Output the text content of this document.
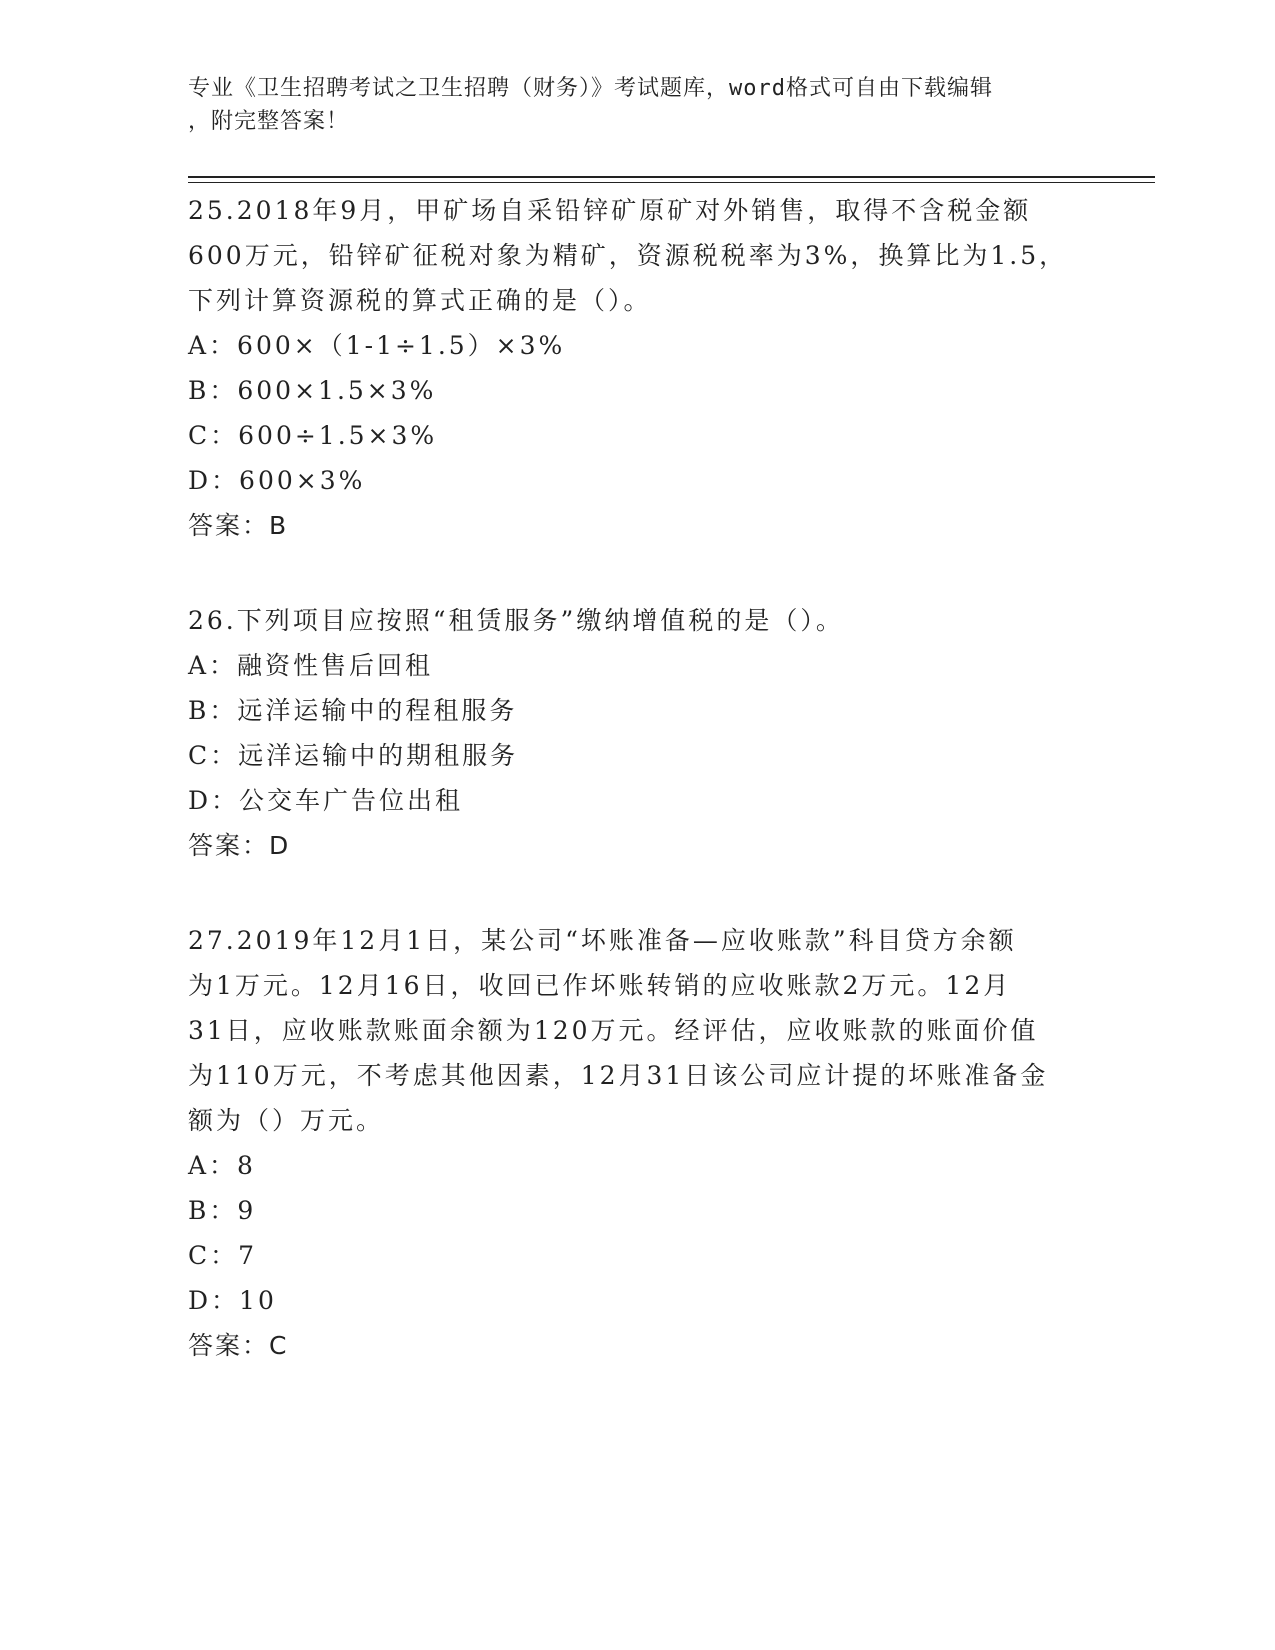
专业《卫生招聘考试之卫生招聘（财务）》考试题库，word格式可自由下载编辑
，附完整答案！
25.2018年9月，甲矿场自采铅锌矿原矿对外销售，取得不含税金额
600万元，铅锌矿征税对象为精矿，资源税税率为3%，换算比为1.5，
下列计算资源税的算式正确的是（）。
A：600×（1-1÷1.5）×3%
B：600×1.5×3%
C：600÷1.5×3%
D：600×3%
答案：B
26.下列项目应按照“租赁服务”缴纳增值税的是（）。
A：融资性售后回租
B：远洋运输中的程租服务
C：远洋运输中的期租服务
D：公交车广告位出租
答案：D
27.2019年12月1日，某公司“坏账准备—应收账款”科目贷方余额
为1万元。12月16日，收回已作坏账转销的应收账款2万元。12月
31日，应收账款账面余额为120万元。经评估，应收账款的账面价值
为110万元，不考虑其他因素，12月31日该公司应计提的坏账准备金
额为（）万元。
A：8
B：9
C：7
D：10
答案：C
